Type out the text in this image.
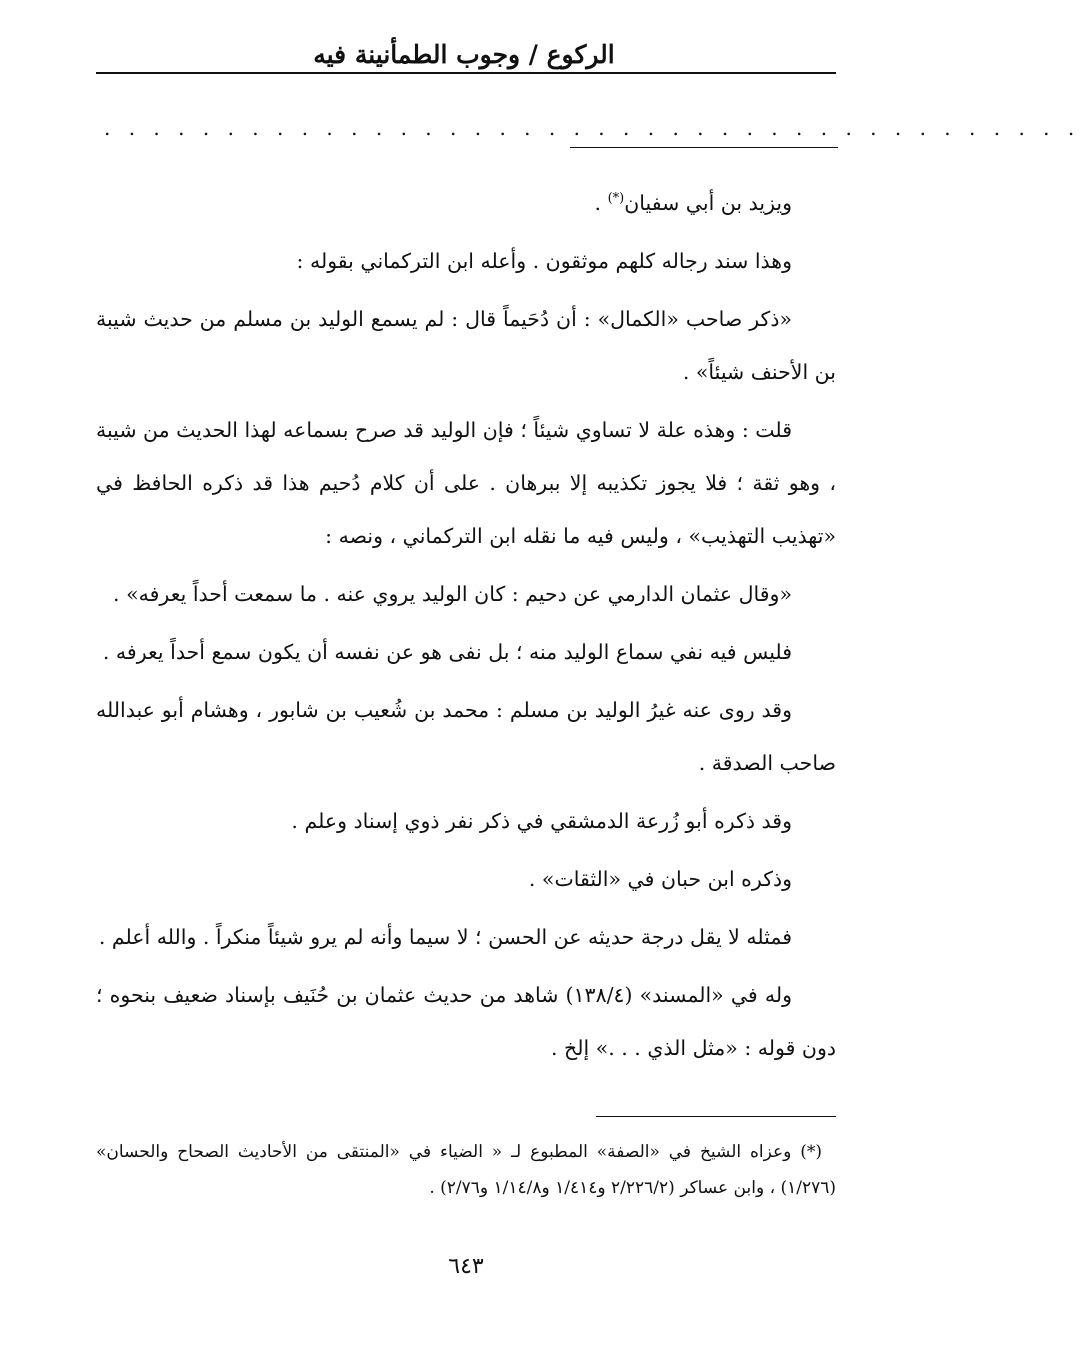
الركوع / وجوب الطمأنينة فيه
. . . . . . . . . . . . . . . . . . . . . . . . . . . . . . . . . . . . . . . .

ويزيد بن أبي سفيان(*) .

وهذا سند رجاله كلهم موثقون . وأعله ابن التركماني بقوله :

«ذكر صاحب «الكمال» : أن دُحَيماً قال : لم يسمع الوليد بن مسلم من حديث شيبة بن الأحنف شيئاً» .

قلت : وهذه علة لا تساوي شيئاً ؛ فإن الوليد قد صرح بسماعه لهذا الحديث من شيبة ، وهو ثقة ؛ فلا يجوز تكذيبه إلا ببرهان . على أن كلام دُحيم هذا قد ذكره الحافظ في «تهذيب التهذيب» ، وليس فيه ما نقله ابن التركماني ، ونصه :

«وقال عثمان الدارمي عن دحيم : كان الوليد يروي عنه . ما سمعت أحداً يعرفه» .

فليس فيه نفي سماع الوليد منه ؛ بل نفى هو عن نفسه أن يكون سمع أحداً يعرفه .

وقد روى عنه غيرُ الوليد بن مسلم : محمد بن شُعيب بن شابور ، وهشام أبو عبدالله صاحب الصدقة .

وقد ذكره أبو زُرعة الدمشقي في ذكر نفر ذوي إسناد وعلم .

وذكره ابن حبان في «الثقات» .

فمثله لا يقل درجة حديثه عن الحسن ؛ لا سيما وأنه لم يرو شيئاً منكراً . والله أعلم .

وله في «المسند» (١٣٨/٤) شاهد من حديث عثمان بن حُنَيف بإسناد ضعيف بنحوه ؛ دون قوله : «مثل الذي . . .» إلخ .

(*) وعزاه الشيخ في «الصفة» المطبوع لـ « الضياء في «المنتقى من الأحاديث الصحاح والحسان» (١/٢٧٦) ، وابن عساكر (٢/٢٢٦/٢ و١/٤١٤ و١/١٤/٨ و٢/٧٦) .

٦٤٣
